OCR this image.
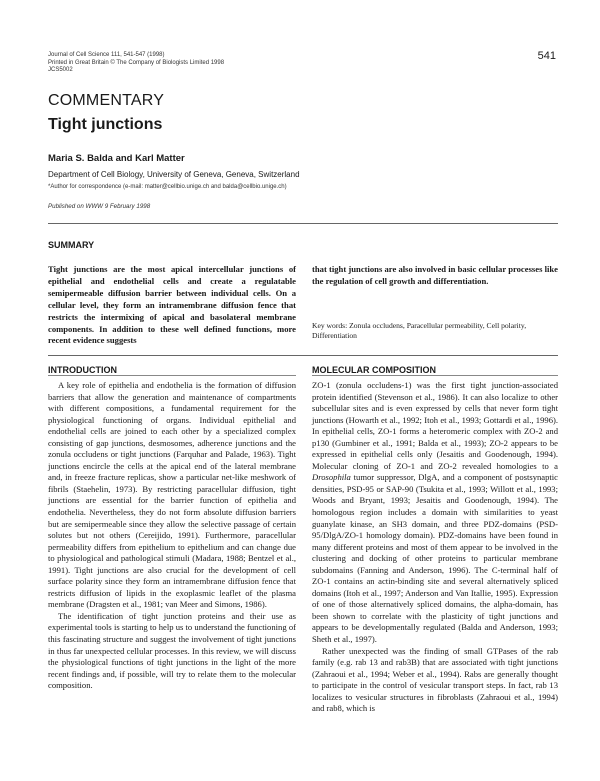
Journal of Cell Science 111, 541-547 (1998)
Printed in Great Britain © The Company of Biologists Limited 1998
JCS5002
541
COMMENTARY
Tight junctions
Maria S. Balda and Karl Matter
Department of Cell Biology, University of Geneva, Geneva, Switzerland
*Author for correspondence (e-mail: matter@cellbio.unige.ch and balda@cellbio.unige.ch)
Published on WWW 9 February 1998
SUMMARY
Tight junctions are the most apical intercellular junctions of epithelial and endothelial cells and create a regulatable semipermeable diffusion barrier between individual cells. On a cellular level, they form an intramembrane diffusion fence that restricts the intermixing of apical and basolateral membrane components. In addition to these well defined functions, more recent evidence suggests
that tight junctions are also involved in basic cellular processes like the regulation of cell growth and differentiation.
Key words: Zonula occludens, Paracellular permeability, Cell polarity, Differentiation
INTRODUCTION

A key role of epithelia and endothelia is the formation of diffusion barriers that allow the generation and maintenance of compartments with different compositions, a fundamental requirement for the physiological functioning of organs. Individual epithelial and endothelial cells are joined to each other by a specialized complex consisting of gap junctions, desmosomes, adherence junctions and the zonula occludens or tight junctions (Farquhar and Palade, 1963). Tight junctions encircle the cells at the apical end of the lateral membrane and, in freeze fracture replicas, show a particular net-like meshwork of fibrils (Staehelin, 1973). By restricting paracellular diffusion, tight junctions are essential for the barrier function of epithelia and endothelia. Nevertheless, they do not form absolute diffusion barriers but are semipermeable since they allow the selective passage of certain solutes but not others (Cereijido, 1991). Furthermore, paracellular permeability differs from epithelium to epithelium and can change due to physiological and pathological stimuli (Madara, 1988; Bentzel et al., 1991). Tight junctions are also crucial for the development of cell surface polarity since they form an intramembrane diffusion fence that restricts diffusion of lipids in the exoplasmic leaflet of the plasma membrane (Dragsten et al., 1981; van Meer and Simons, 1986).

The identification of tight junction proteins and their use as experimental tools is starting to help us to understand the functioning of this fascinating structure and suggest the involvement of tight junctions in thus far unexpected cellular processes. In this review, we will discuss the physiological functions of tight junctions in the light of the more recent findings and, if possible, will try to relate them to the molecular composition.

MOLECULAR COMPOSITION

ZO-1 (zonula occludens-1) was the first tight junction-associated protein identified (Stevenson et al., 1986). It can also localize to other subcellular sites and is even expressed by cells that never form tight junctions (Howarth et al., 1992; Itoh et al., 1993; Gottardi et al., 1996). In epithelial cells, ZO-1 forms a heteromeric complex with ZO-2 and p130 (Gumbiner et al., 1991; Balda et al., 1993); ZO-2 appears to be expressed in epithelial cells only (Jesaitis and Goodenough, 1994). Molecular cloning of ZO-1 and ZO-2 revealed homologies to a Drosophila tumor suppressor, DlgA, and a component of postsynaptic densities, PSD-95 or SAP-90 (Tsukita et al., 1993; Willott et al., 1993; Woods and Bryant, 1993; Jesaitis and Goodenough, 1994). The homologous region includes a domain with similarities to yeast guanylate kinase, an SH3 domain, and three PDZ-domains (PSD-95/DlgA/ZO-1 homology domain). PDZ-domains have been found in many different proteins and most of them appear to be involved in the clustering and docking of other proteins to particular membrane subdomains (Fanning and Anderson, 1996). The C-terminal half of ZO-1 contains an actin-binding site and several alternatively spliced domains (Itoh et al., 1997; Anderson and Van Itallie, 1995). Expression of one of those alternatively spliced domains, the alpha-domain, has been shown to correlate with the plasticity of tight junctions and appears to be developmentally regulated (Balda and Anderson, 1993; Sheth et al., 1997).

Rather unexpected was the finding of small GTPases of the rab family (e.g. rab 13 and rab3B) that are associated with tight junctions (Zahraoui et al., 1994; Weber et al., 1994). Rabs are generally thought to participate in the control of vesicular transport steps. In fact, rab 13 localizes to vesicular structures in fibroblasts (Zahraoui et al., 1994) and rab8, which is
